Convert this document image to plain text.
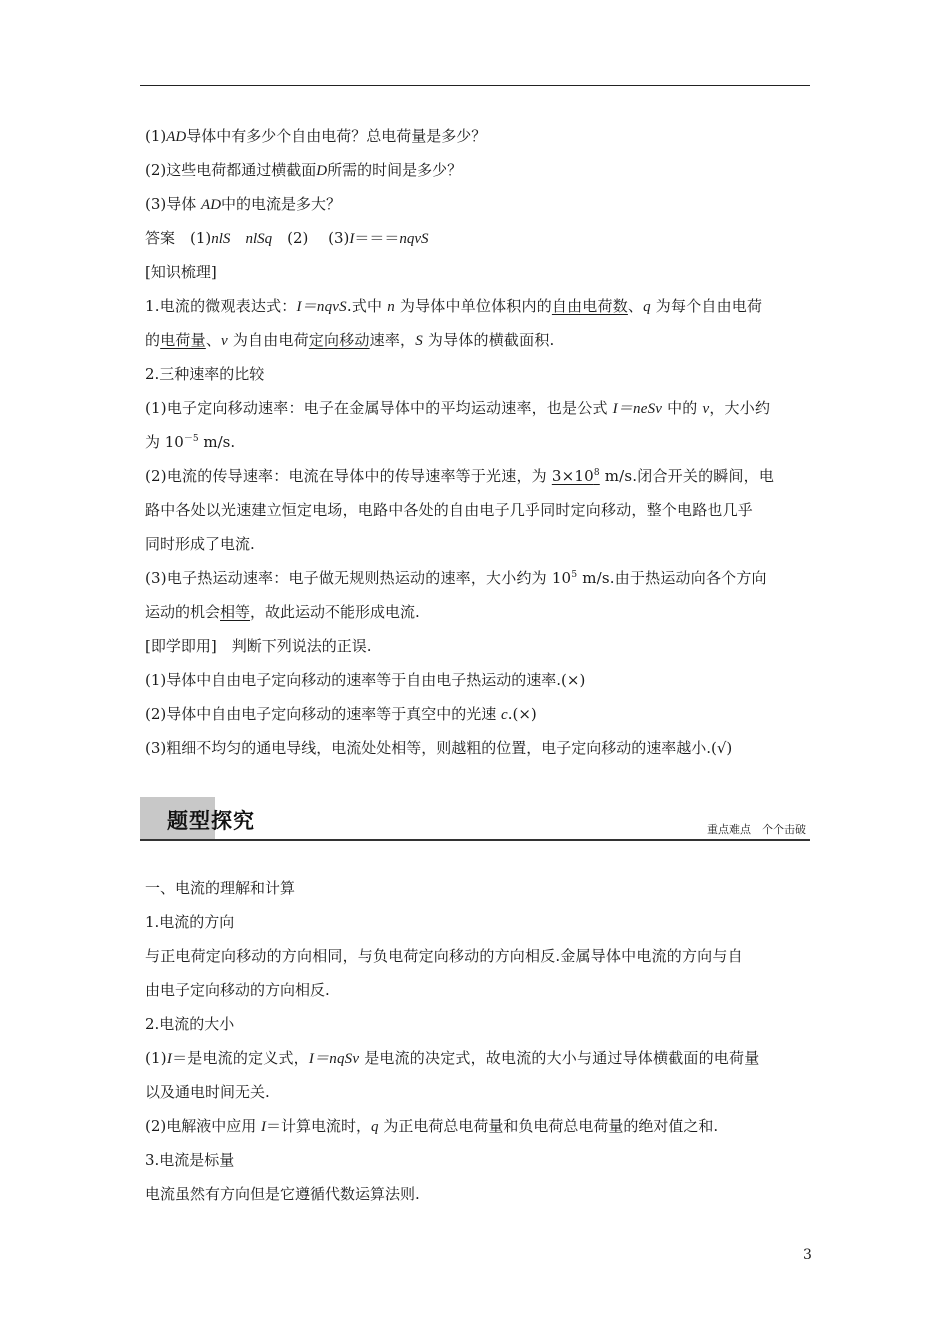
(1)AD导体中有多少个自由电荷？总电荷量是多少？
(2)这些电荷都通过横截面D所需的时间是多少？
(3)导体 AD中的电流是多大？
答案　(1)nlS　 nlSq　(2)　 (3)I＝＝＝nqvS
[知识梳理]
1.电流的微观表达式：I＝nqvS.式中 n 为导体中单位体积内的自由电荷数、q 为每个自由电荷
的电荷量、v 为自由电荷定向移动速率，S 为导体的横截面积.
2.三种速率的比较
(1)电子定向移动速率：电子在金属导体中的平均运动速率，也是公式 I＝neSv 中的 v，大小约
为 $10^{-5}$ m/s.
(2)电流的传导速率：电流在导体中的传导速率等于光速，为 $3\times 10^8$ m/s.闭合开关的瞬间，电
路中各处以光速建立恒定电场，电路中各处的自由电子几乎同时定向移动，整个电路也几乎
同时形成了电流.
(3)电子热运动速率：电子做无规则热运动的速率，大小约为 $10^5$ m/s.由于热运动向各个方向
运动的机会相等，故此运动不能形成电流.
[即学即用]　判断下列说法的正误.
(1)导体中自由电子定向移动的速率等于自由电子热运动的速率.(×)
(2)导体中自由电子定向移动的速率等于真空中的光速 c.(×)
(3)粗细不均匀的通电导线，电流处处相等，则越粗的位置，电子定向移动的速率越小.(√)
题型探究	重点难点　个个击破
一、电流的理解和计算
1.电流的方向
与正电荷定向移动的方向相同，与负电荷定向移动的方向相反.金属导体中电流的方向与自
由电子定向移动的方向相反.
2.电流的大小
(1)I＝是电流的定义式，I＝nqSv 是电流的决定式，故电流的大小与通过导体横截面的电荷量
以及通电时间无关.
(2)电解液中应用 I＝计算电流时，q 为正电荷总电荷量和负电荷总电荷量的绝对值之和.
3.电流是标量
电流虽然有方向但是它遵循代数运算法则.
3
